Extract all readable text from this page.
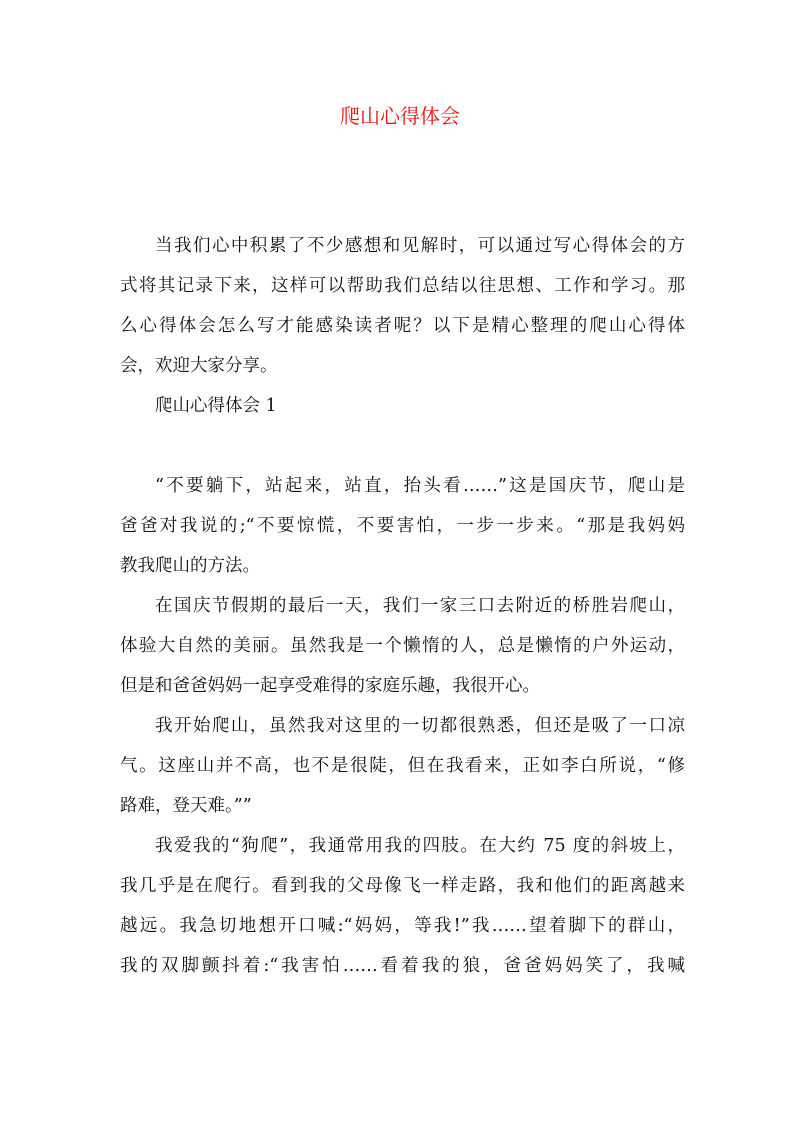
爬山心得体会
当我们心中积累了不少感想和见解时，可以通过写心得体会的方
式将其记录下来，这样可以帮助我们总结以往思想、工作和学习。那
么心得体会怎么写才能感染读者呢？以下是精心整理的爬山心得体
会，欢迎大家分享。
爬山心得体会 1
“不要躺下，站起来，站直，抬头看……”这是国庆节，爬山是
爸爸对我说的;“不要惊慌，不要害怕，一步一步来。“那是我妈妈
教我爬山的方法。
在国庆节假期的最后一天，我们一家三口去附近的桥胜岩爬山，
体验大自然的美丽。虽然我是一个懒惰的人，总是懒惰的户外运动，
但是和爸爸妈妈一起享受难得的家庭乐趣，我很开心。
我开始爬山，虽然我对这里的一切都很熟悉，但还是吸了一口凉
气。这座山并不高，也不是很陡，但在我看来，正如李白所说，“修
路难，登天难。””
我爱我的“狗爬”，我通常用我的四肢。在大约 75 度的斜坡上，
我几乎是在爬行。看到我的父母像飞一样走路，我和他们的距离越来
越远。我急切地想开口喊:“妈妈，等我!”我……望着脚下的群山，
我的双脚颤抖着:“我害怕……看着我的狼，爸爸妈妈笑了，我喊
